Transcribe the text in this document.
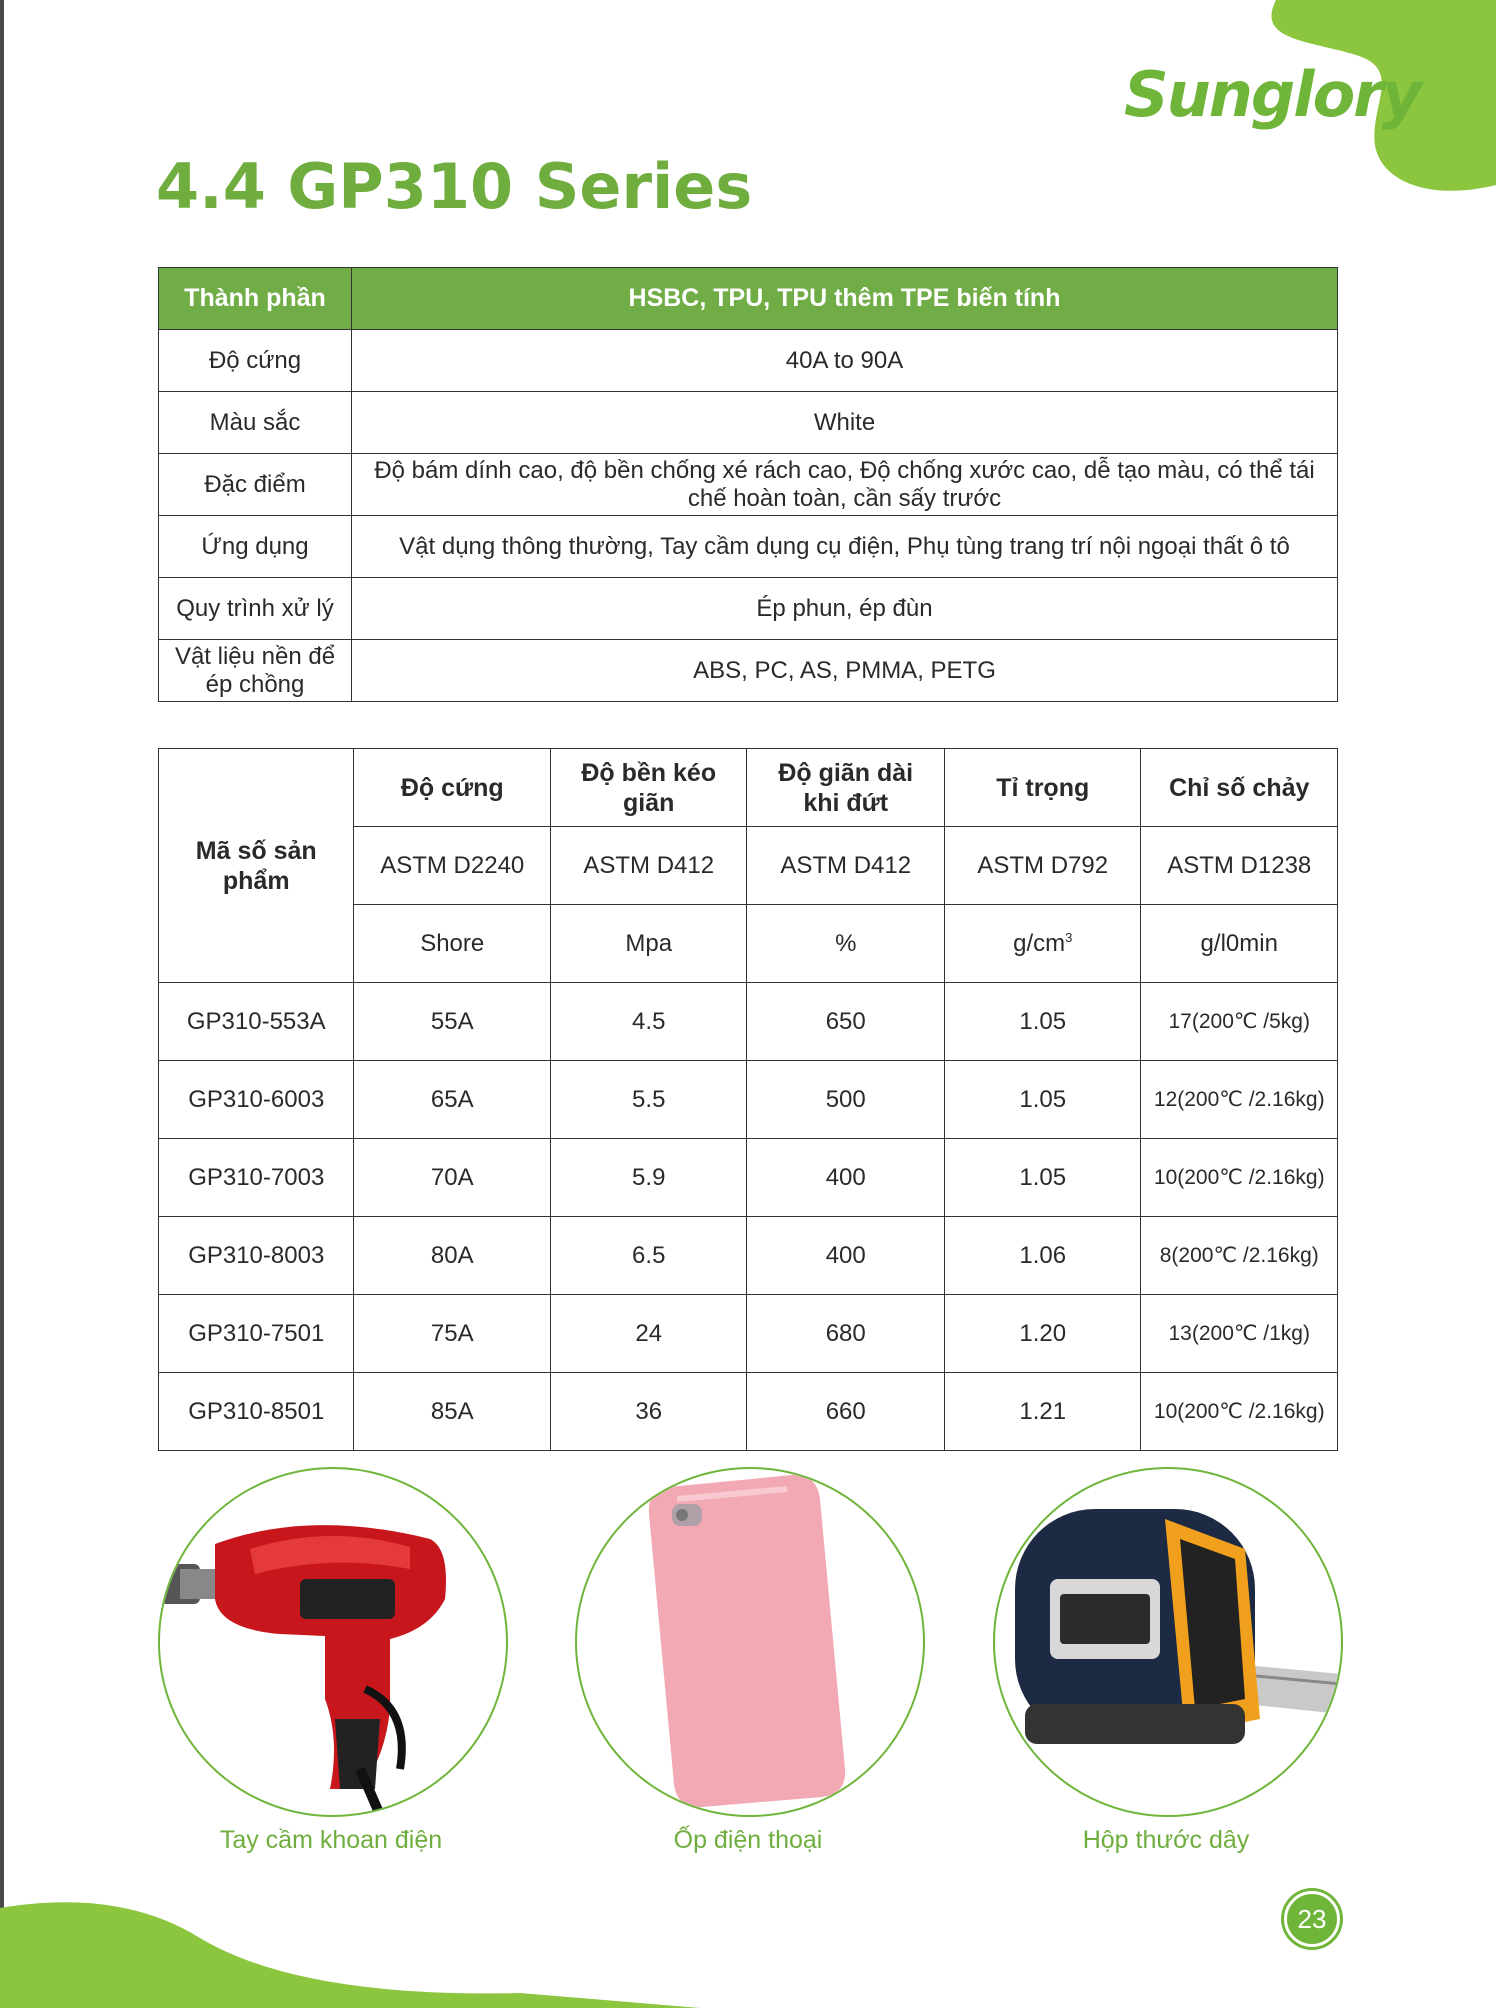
Sunglory
4.4 GP310 Series
Thành phần	HSBC, TPU, TPU thêm TPE biến tính
Độ cứng	40A to 90A
Màu sắc	White
Đặc điểm	Độ bám dính cao, độ bền chống xé rách cao, Độ chống xước cao, dễ tạo màu, có thể tái chế hoàn toàn, cần sấy trước
Ứng dụng	Vật dụng thông thường, Tay cầm dụng cụ điện, Phụ tùng trang trí nội ngoại thất ô tô
Quy trình xử lý	Ép phun, ép đùn
Vật liệu nền để ép chồng	ABS, PC, AS, PMMA, PETG
Mã số sản phẩm	Độ cứng	Độ bền kéo giãn	Độ giãn dài khi đứt	Tỉ trọng	Chỉ số chảy
	ASTM D2240	ASTM D412	ASTM D412	ASTM D792	ASTM D1238
	Shore	Mpa	%	$g/cm^3$	g/l0min
GP310-553A	55A	4.5	650	1.05	17(200℃ /5kg)
GP310-6003	65A	5.5	500	1.05	12(200℃ /2.16kg)
GP310-7003	70A	5.9	400	1.05	10(200℃ /2.16kg)
GP310-8003	80A	6.5	400	1.06	8(200℃ /2.16kg)
GP310-7501	75A	24	680	1.20	13(200℃ /1kg)
GP310-8501	85A	36	660	1.21	10(200℃ /2.16kg)
Tay cầm khoan điện	Ốp điện thoại	Hộp thước dây
23
